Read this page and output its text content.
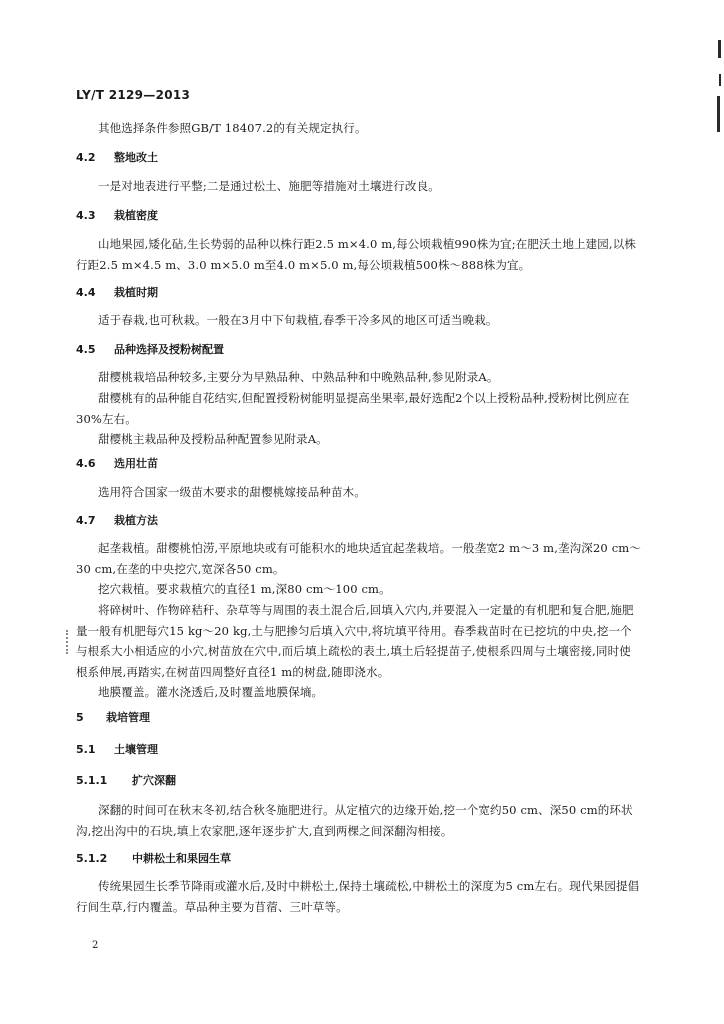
LY/T 2129—2013
其他选择条件参照GB/T 18407.2的有关规定执行。
4.2 整地改土
一是对地表进行平整;二是通过松土、施肥等措施对土壤进行改良。
4.3 栽植密度
山地果园,矮化砧,生长势弱的品种以株行距2.5 m×4.0 m,每公顷栽植990株为宜;在肥沃土地上建园,以株行距2.5 m×4.5 m、3.0 m×5.0 m至4.0 m×5.0 m,每公顷栽植500株～888株为宜。
4.4 栽植时期
适于春栽,也可秋栽。一般在3月中下旬栽植,春季干冷多风的地区可适当晚栽。
4.5 品种选择及授粉树配置
甜樱桃栽培品种较多,主要分为早熟品种、中熟品种和中晚熟品种,参见附录A。
甜樱桃有的品种能自花结实,但配置授粉树能明显提高坐果率,最好选配2个以上授粉品种,授粉树比例应在30%左右。
甜樱桃主栽品种及授粉品种配置参见附录A。
4.6 选用壮苗
选用符合国家一级苗木要求的甜樱桃嫁接品种苗木。
4.7 栽植方法
起垄栽植。甜樱桃怕涝,平原地块或有可能积水的地块适宜起垄栽培。一般垄宽2 m～3 m,垄沟深20 cm～30 cm,在垄的中央挖穴,宽深各50 cm。
挖穴栽植。要求栽植穴的直径1 m,深80 cm～100 cm。
将碎树叶、作物碎秸秆、杂草等与周围的表土混合后,回填入穴内,并要混入一定量的有机肥和复合肥,施肥量一般有机肥每穴15 kg～20 kg,土与肥掺匀后填入穴中,将坑填平待用。春季栽苗时在已挖坑的中央,挖一个与根系大小相适应的小穴,树苗放在穴中,而后填上疏松的表土,填土后轻提苗子,使根系四周与土壤密接,同时使根系伸展,再踏实,在树苗四周整好直径1 m的树盘,随即浇水。
地膜覆盖。灌水浇透后,及时覆盖地膜保墒。
5 栽培管理
5.1 土壤管理
5.1.1 扩穴深翻
深翻的时间可在秋末冬初,结合秋冬施肥进行。从定植穴的边缘开始,挖一个宽约50 cm、深50 cm的环状沟,挖出沟中的石块,填上农家肥,逐年逐步扩大,直到两棵之间深翻沟相接。
5.1.2 中耕松土和果园生草
传统果园生长季节降雨或灌水后,及时中耕松土,保持土壤疏松,中耕松土的深度为5 cm左右。现代果园提倡行间生草,行内覆盖。草品种主要为苜蓿、三叶草等。
2
